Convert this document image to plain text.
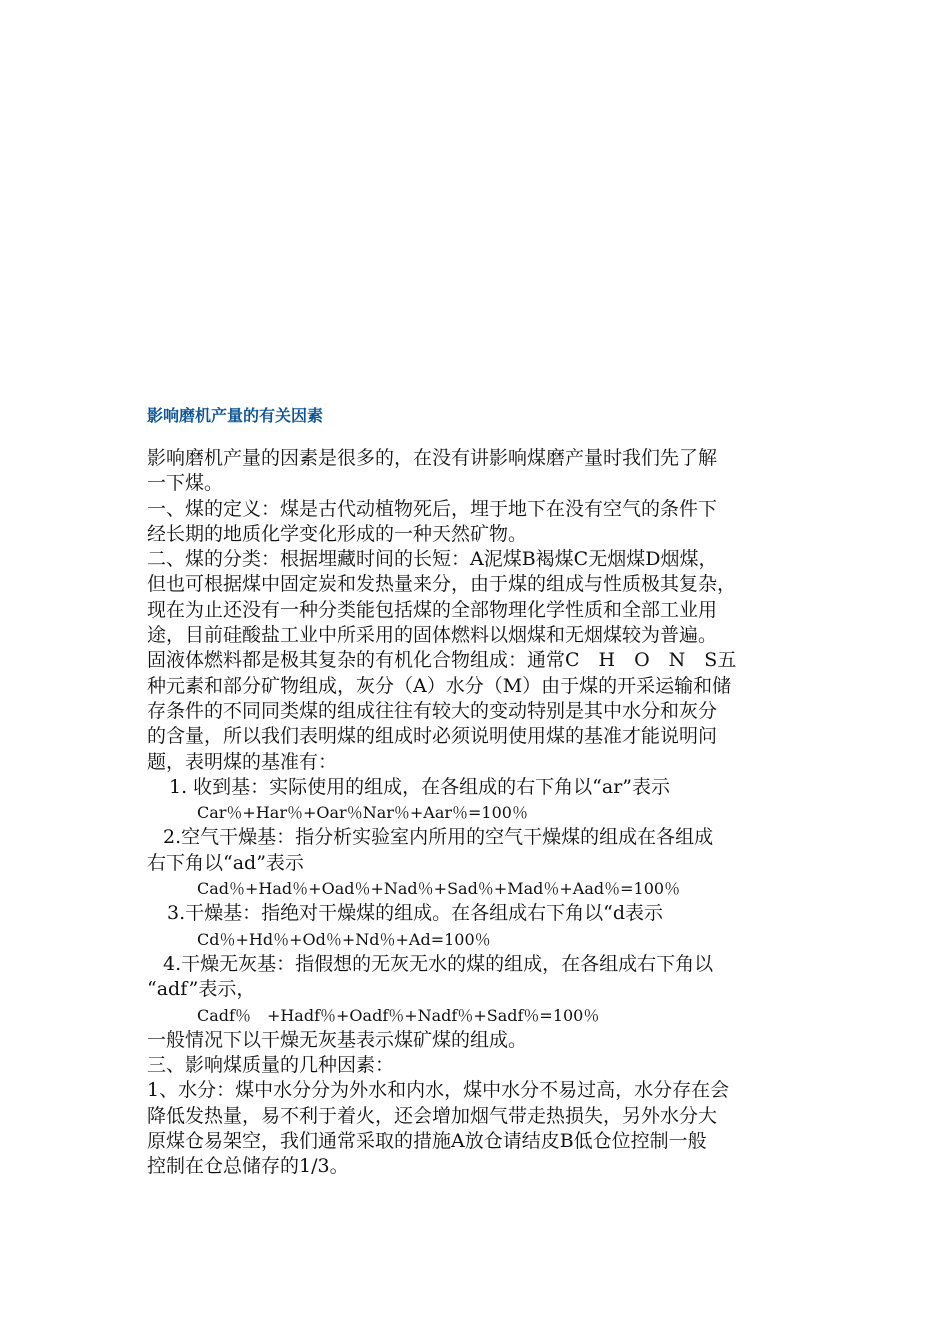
影响磨机产量的有关因素
影响磨机产量的因素是很多的，在没有讲影响煤磨产量时我们先了解
一下煤。
一、煤的定义：煤是古代动植物死后，埋于地下在没有空气的条件下
经长期的地质化学变化形成的一种天然矿物。
二、煤的分类：根据埋藏时间的长短：A泥煤B褐煤C无烟煤D烟煤，
但也可根据煤中固定炭和发热量来分，由于煤的组成与性质极其复杂，
现在为止还没有一种分类能包括煤的全部物理化学性质和全部工业用
途，目前硅酸盐工业中所采用的固体燃料以烟煤和无烟煤较为普遍。
固液体燃料都是极其复杂的有机化合物组成：通常C　H　O　N　S五
种元素和部分矿物组成，灰分（A）水分（M）由于煤的开采运输和储
存条件的不同同类煤的组成往往有较大的变动特别是其中水分和灰分
的含量，所以我们表明煤的组成时必须说明使用煤的基准才能说明问
题，表明煤的基准有：
1. 收到基：实际使用的组成，在各组成的右下角以“ar”表示
Car％+Har％+Oar％Nar％+Aar％=100％
2.空气干燥基：指分析实验室内所用的空气干燥煤的组成在各组成
右下角以“ad”表示
Cad％+Had％+Oad％+Nad％+Sad％+Mad％+Aad％=100％
3.干燥基：指绝对干燥煤的组成。在各组成右下角以“d表示
Cd％+Hd％+Od％+Nd％+Ad=100％
4.干燥无灰基：指假想的无灰无水的煤的组成，在各组成右下角以
“adf”表示，
Cadf％　+Hadf％+Oadf％+Nadf％+Sadf％=100％
一般情况下以干燥无灰基表示煤矿煤的组成。
三、影响煤质量的几种因素：
1、水分：煤中水分分为外水和内水，煤中水分不易过高，水分存在会
降低发热量，易不利于着火，还会增加烟气带走热损失，另外水分大
原煤仓易架空，我们通常采取的措施A放仓请结皮B低仓位控制一般
控制在仓总储存的1/3。
